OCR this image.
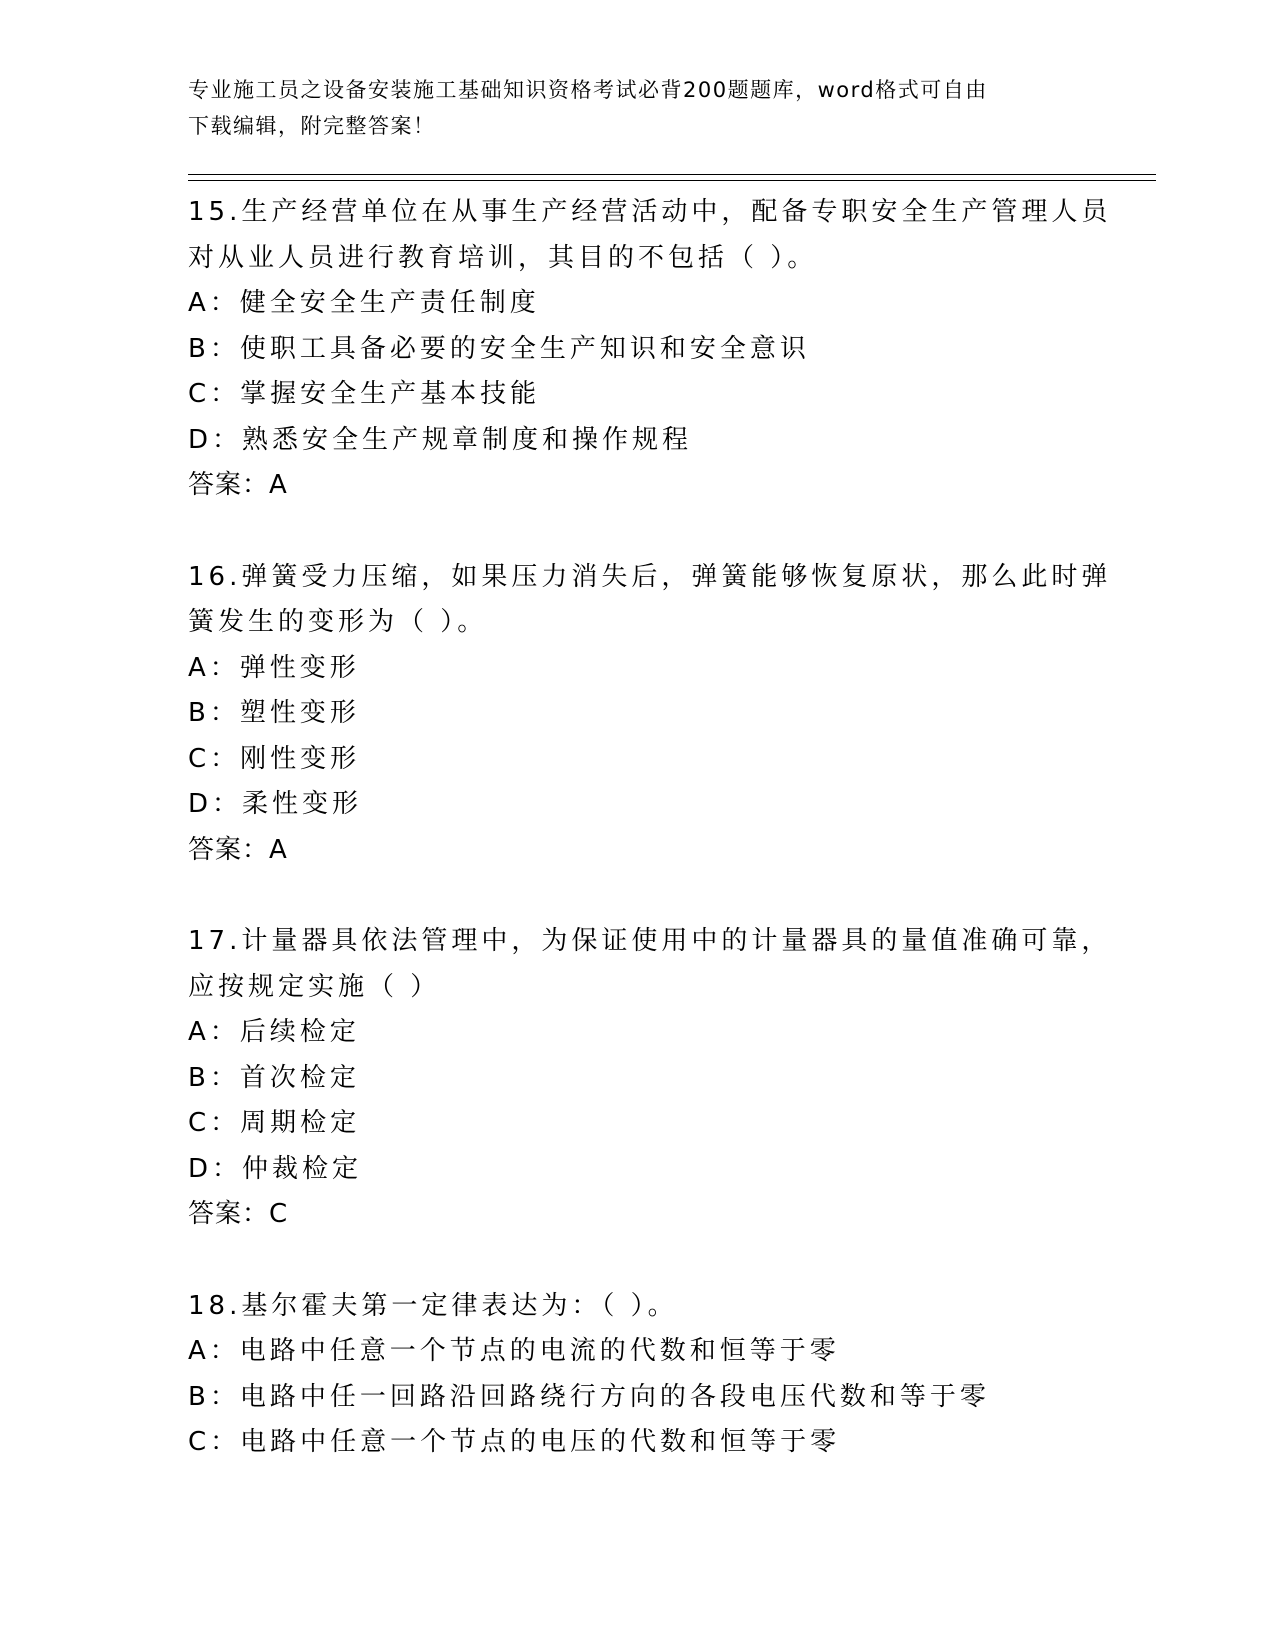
专业施工员之设备安装施工基础知识资格考试必背200题题库，word格式可自由
下载编辑，附完整答案！
15.生产经营单位在从事生产经营活动中，配备专职安全生产管理人员
对从业人员进行教育培训，其目的不包括（ ）。
A：健全安全生产责任制度
B：使职工具备必要的安全生产知识和安全意识
C：掌握安全生产基本技能
D：熟悉安全生产规章制度和操作规程
答案：A
16.弹簧受力压缩，如果压力消失后，弹簧能够恢复原状，那么此时弹
簧发生的变形为（ ）。
A：弹性变形
B：塑性变形
C：刚性变形
D：柔性变形
答案：A
17.计量器具依法管理中，为保证使用中的计量器具的量值准确可靠，
应按规定实施（ ）
A：后续检定
B：首次检定
C：周期检定
D：仲裁检定
答案：C
18.基尔霍夫第一定律表达为：（ ）。
A：电路中任意一个节点的电流的代数和恒等于零
B：电路中任一回路沿回路绕行方向的各段电压代数和等于零
C：电路中任意一个节点的电压的代数和恒等于零
